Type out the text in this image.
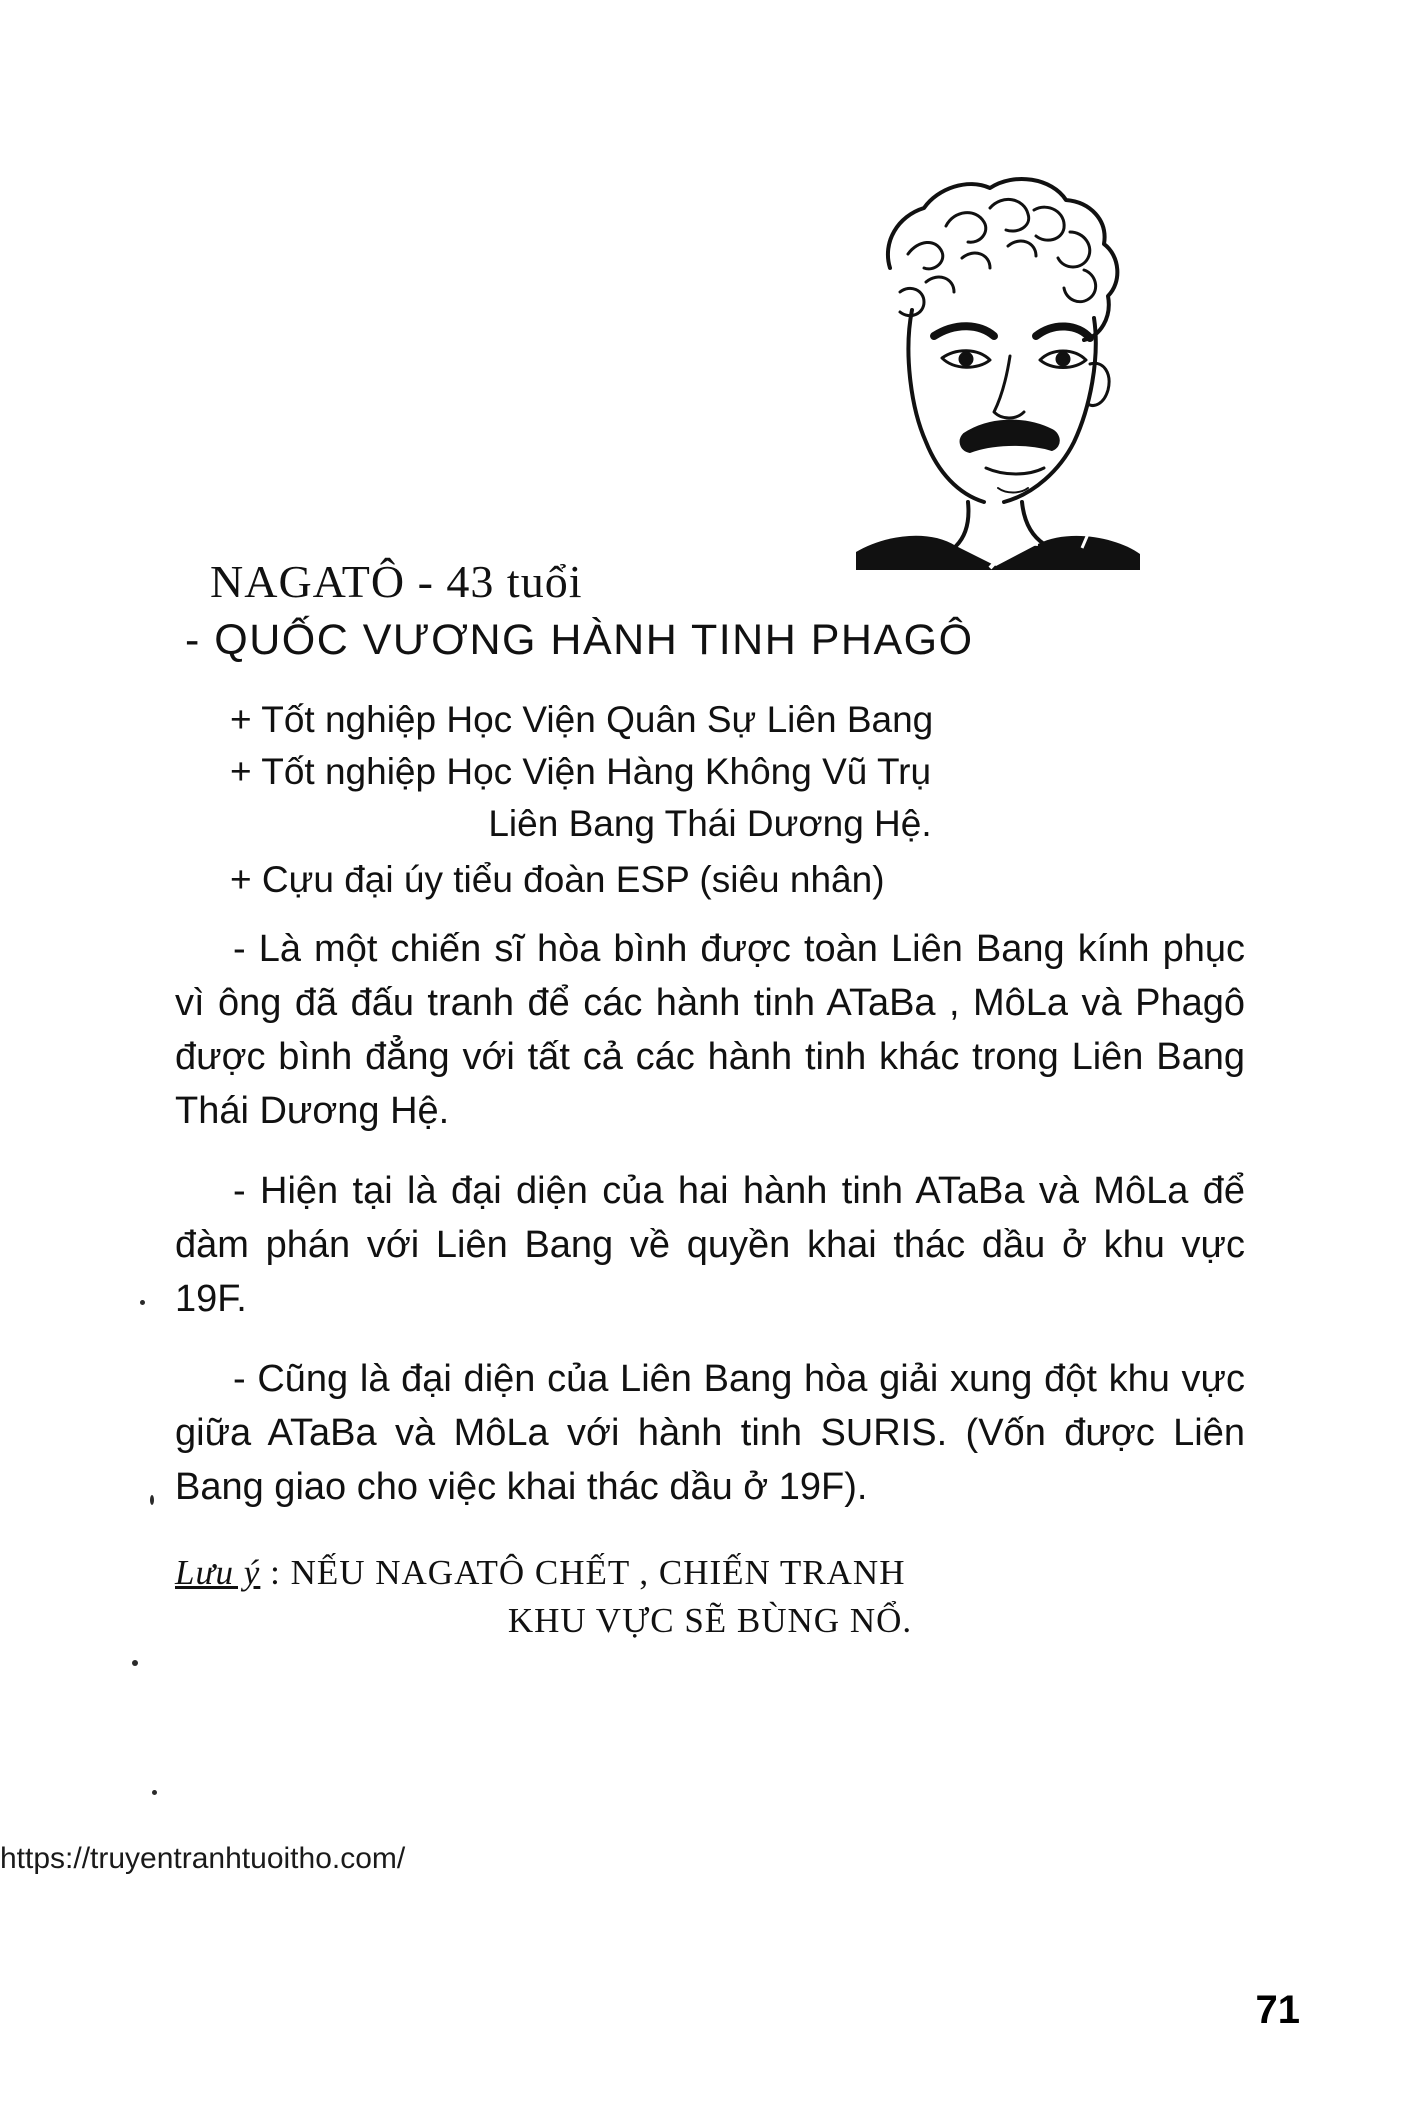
NAGATÔ - 43 tuổi
- QUỐC VƯƠNG HÀNH TINH PHAGÔ
+ Tốt nghiệp Học Viện Quân Sự Liên Bang
+ Tốt nghiệp Học Viện Hàng Không Vũ Trụ
Liên Bang Thái Dương Hệ.
+ Cựu đại úy tiểu đoàn ESP (siêu nhân)

- Là một chiến sĩ hòa bình được toàn Liên Bang kính phục vì ông đã đấu tranh để các hành tinh ATaBa , MôLa và Phagô được bình đẳng với tất cả các hành tinh khác trong Liên Bang Thái Dương Hệ.

- Hiện tại là đại diện của hai hành tinh ATaBa và MôLa để đàm phán với Liên Bang về quyền khai thác dầu ở khu vực 19F.

- Cũng là đại diện của Liên Bang hòa giải xung đột khu vực giữa ATaBa và MôLa với hành tinh SURIS. (Vốn được Liên Bang giao cho việc khai thác dầu ở 19F).

Lưu ý : NẾU NAGATÔ CHẾT , CHIẾN TRANH
KHU VỰC SẼ BÙNG NỔ.
https://truyentranhtuoitho.com/
71
